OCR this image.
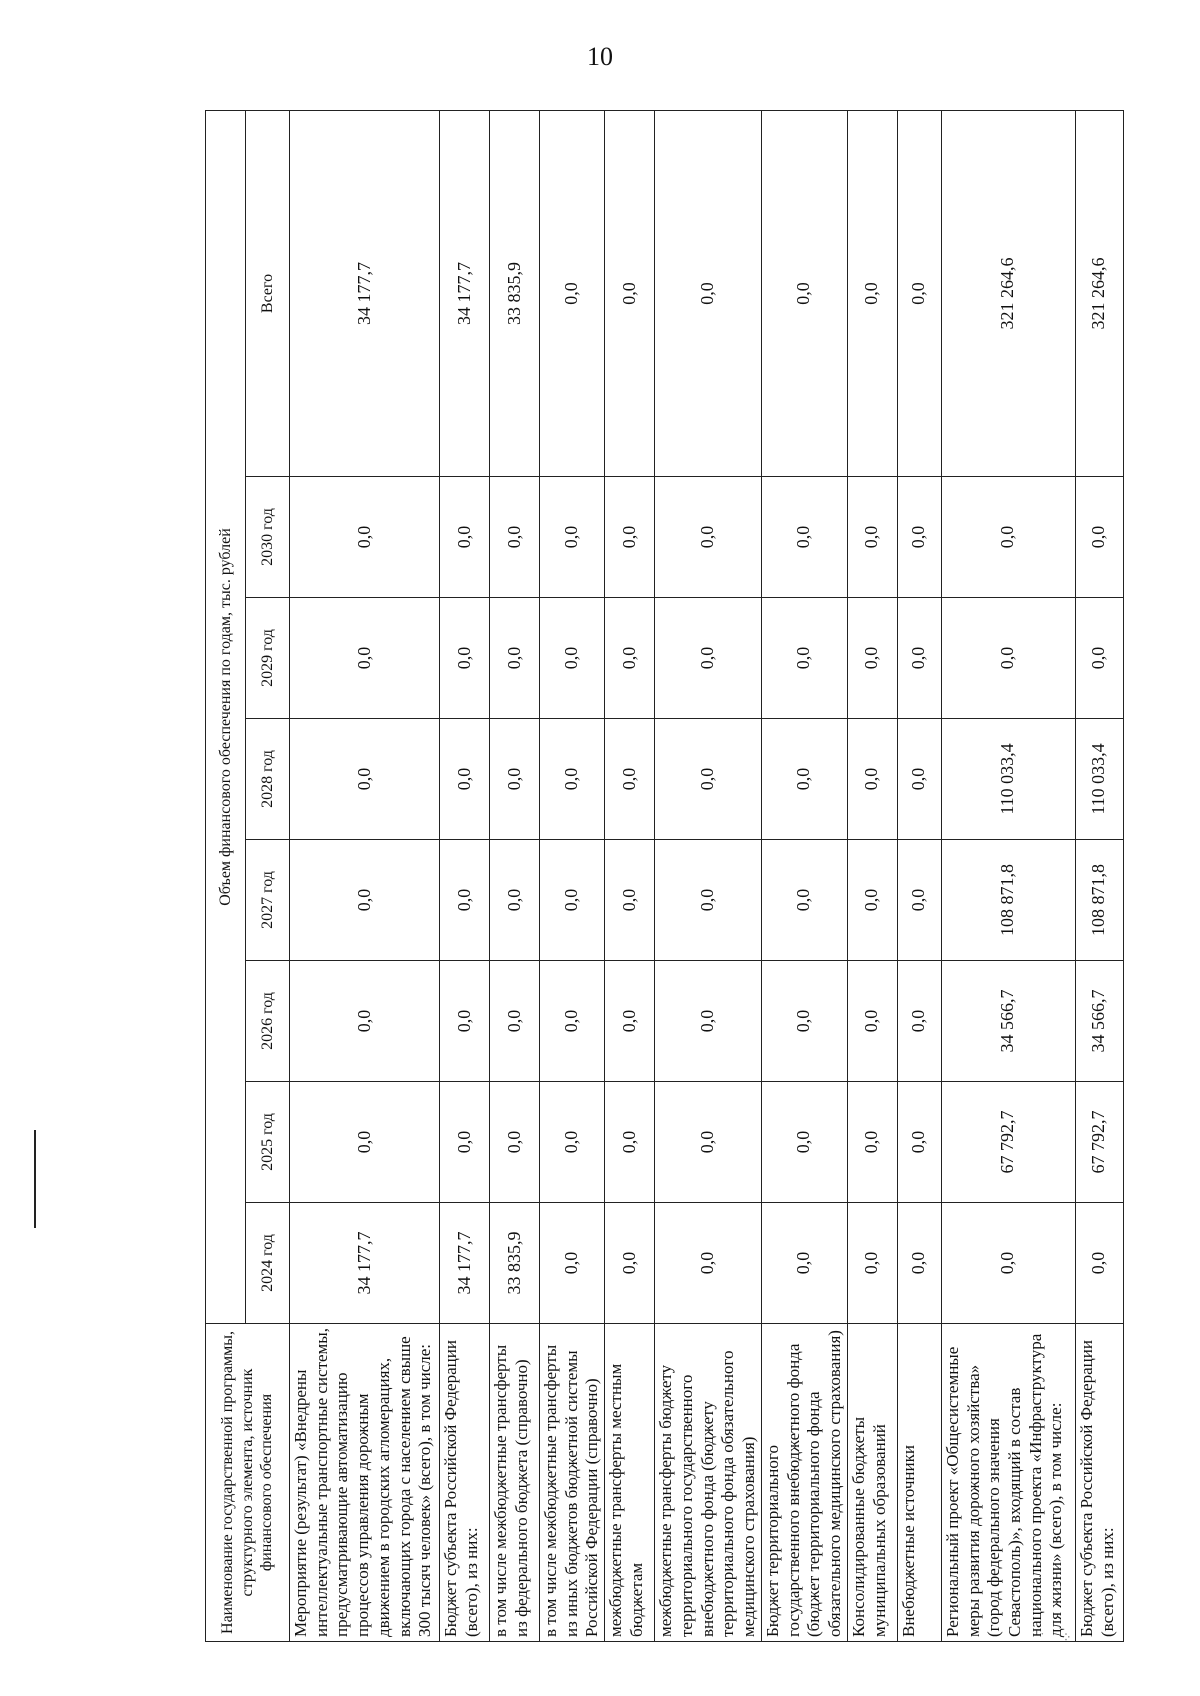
10
˙ ⁘
Наименование государственной программы, структурного элемента, источник финансового обеспечения	Объем финансового обеспечения по годам, тыс. рублей							
	2024 год	2025 год	2026 год	2027 год	2028 год	2029 год	2030 год	Всего
Мероприятие (результат) «Внедрены интеллектуальные транспортные системы, предусматривающие автоматизацию процессов управления дорожным движением в городских агломерациях, включающих города с населением свыше 300 тысяч человек» (всего), в том числе:	34 177,7	0,0	0,0	0,0	0,0	0,0	0,0	34 177,7
Бюджет субъекта Российской Федерации (всего), из них:	34 177,7	0,0	0,0	0,0	0,0	0,0	0,0	34 177,7
в том числе межбюджетные трансферты из федерального бюджета (справочно)	33 835,9	0,0	0,0	0,0	0,0	0,0	0,0	33 835,9
в том числе межбюджетные трансферты из иных бюджетов бюджетной системы Российской Федерации (справочно)	0,0	0,0	0,0	0,0	0,0	0,0	0,0	0,0
межбюджетные трансферты местным бюджетам	0,0	0,0	0,0	0,0	0,0	0,0	0,0	0,0
межбюджетные трансферты бюджету территориального государственного внебюджетного фонда (бюджету территориального фонда обязательного медицинского страхования)	0,0	0,0	0,0	0,0	0,0	0,0	0,0	0,0
Бюджет территориального государственного внебюджетного фонда (бюджет территориального фонда обязательного медицинского страхования)	0,0	0,0	0,0	0,0	0,0	0,0	0,0	0,0
Консолидированные бюджеты муниципальных образований	0,0	0,0	0,0	0,0	0,0	0,0	0,0	0,0
Внебюджетные источники	0,0	0,0	0,0	0,0	0,0	0,0	0,0	0,0
Региональный проект «Общесистемные меры развития дорожного хозяйства» (город федерального значения Севастополь)», входящий в состав национального проекта «Инфраструктура для жизни» (всего), в том числе:	0,0	67 792,7	34 566,7	108 871,8	110 033,4	0,0	0,0	321 264,6
Бюджет субъекта Российской Федерации (всего), из них:	0,0	67 792,7	34 566,7	108 871,8	110 033,4	0,0	0,0	321 264,6
